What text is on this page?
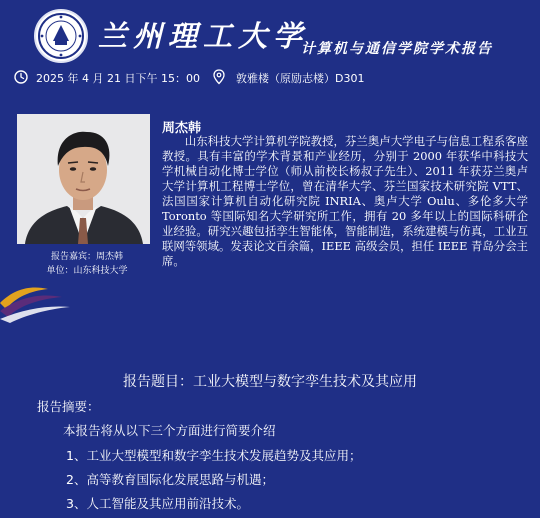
兰州理工大学
计算机与通信学院学术报告
2025 年 4 月 21 日下午 15：00	敦雅楼（原励志楼）D301
报告嘉宾：周杰韩
单位：山东科技大学
周杰韩

山东科技大学计算机学院教授，芬兰奥卢大学电子与信息工程系客座教授。具有丰富的学术背景和产业经历，分别于 2000 年获华中科技大学机械自动化博士学位（师从前校长杨叔子先生）、2011 年获芬兰奥卢大学计算机工程博士学位，曾在清华大学、芬兰国家技术研究院 VTT、法国国家计算机自动化研究院 INRIA、奥卢大学 Oulu、多伦多大学 Toronto 等国际知名大学研究所工作，拥有 20 多年以上的国际科研企业经验。研究兴趣包括孪生智能体，智能制造，系统建模与仿真，工业互联网等领域。发表论文百余篇，IEEE 高级会员，担任 IEEE 青岛分会主席。

报告题目：工业大模型与数字孪生技术及其应用
报告摘要：
本报告将从以下三个方面进行简要介绍
1、工业大型模型和数字孪生技术发展趋势及其应用；
2、高等教育国际化发展思路与机遇；
3、人工智能及其应用前沿技术。
